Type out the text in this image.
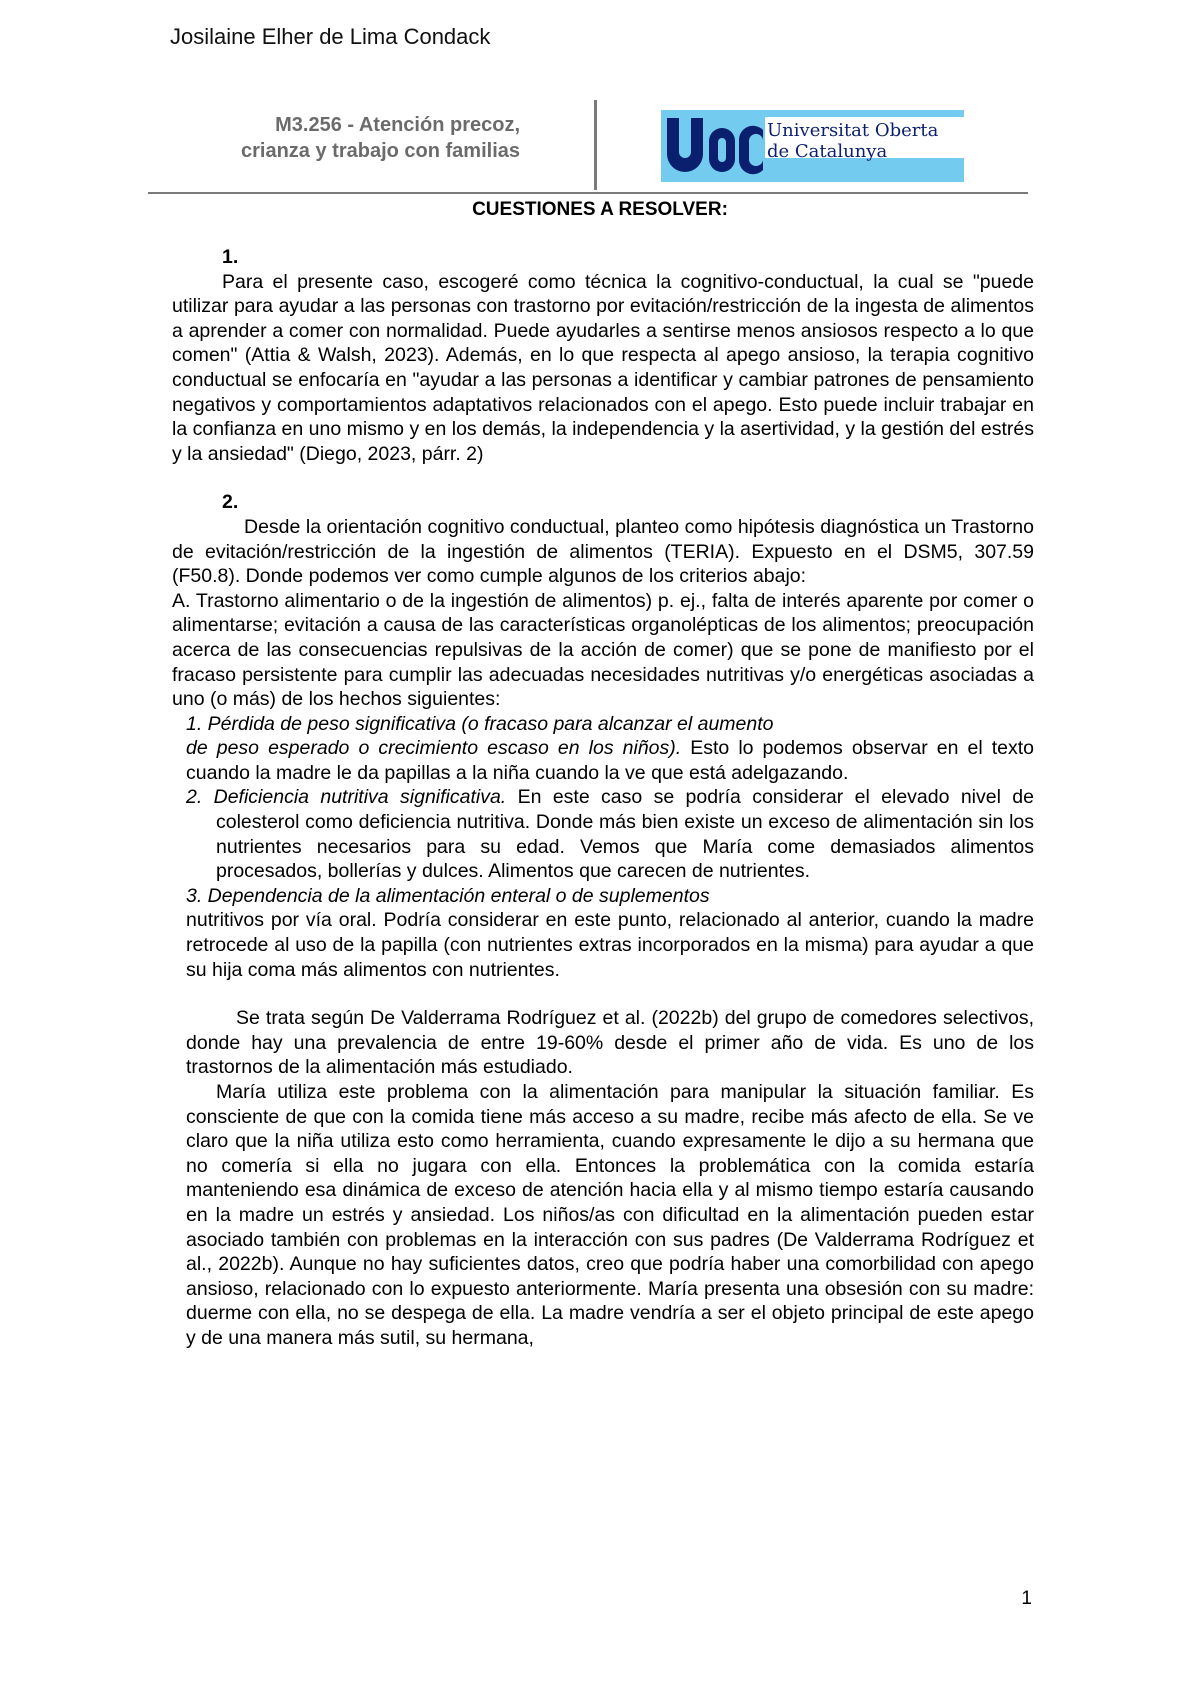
Josilaine Elher de Lima Condack
M3.256 - Atención precoz,
crianza y trabajo con familias
Universitat Oberta
de Catalunya
CUESTIONES A RESOLVER:

1.

Para el presente caso, escogeré como técnica la cognitivo-conductual, la cual se "puede utilizar para ayudar a las personas con trastorno por evitación/restricción de la ingesta de alimentos a aprender a comer con normalidad. Puede ayudarles a sentirse menos ansiosos respecto a lo que comen" (Attia & Walsh, 2023). Además, en lo que respecta al apego ansioso, la terapia cognitivo conductual se enfocaría en "ayudar a las personas a identificar y cambiar patrones de pensamiento negativos y comportamientos adaptativos relacionados con el apego. Esto puede incluir trabajar en la confianza en uno mismo y en los demás, la independencia y la asertividad, y la gestión del estrés y la ansiedad" (Diego, 2023, párr. 2)

2.

Desde la orientación cognitivo conductual, planteo como hipótesis diagnóstica un Trastorno de evitación/restricción de la ingestión de alimentos (TERIA). Expuesto en el DSM5, 307.59 (F50.8). Donde podemos ver como cumple algunos de los criterios abajo:

A. Trastorno alimentario o de la ingestión de alimentos) p. ej., falta de interés aparente por comer o alimentarse; evitación a causa de las características organolépticas de los alimentos; preocupación acerca de las consecuencias repulsivas de la acción de comer) que se pone de manifiesto por el fracaso persistente para cumplir las adecuadas necesidades nutritivas y/o energéticas asociadas a uno (o más) de los hechos siguientes:

1. Pérdida de peso significativa (o fracaso para alcanzar el aumento

de peso esperado o crecimiento escaso en los niños). Esto lo podemos observar en el texto cuando la madre le da papillas a la niña cuando la ve que está adelgazando.

2. Deficiencia nutritiva significativa. En este caso se podría considerar el elevado nivel de colesterol como deficiencia nutritiva. Donde más bien existe un exceso de alimentación sin los nutrientes necesarios para su edad. Vemos que María come demasiados alimentos procesados, bollerías y dulces. Alimentos que carecen de nutrientes.

3. Dependencia de la alimentación enteral o de suplementos

nutritivos por vía oral. Podría considerar en este punto, relacionado al anterior, cuando la madre retrocede al uso de la papilla (con nutrientes extras incorporados en la misma) para ayudar a que su hija coma más alimentos con nutrientes.

Se trata según De Valderrama Rodríguez et al. (2022b) del grupo de comedores selectivos, donde hay una prevalencia de entre 19-60% desde el primer año de vida. Es uno de los trastornos de la alimentación más estudiado.

María utiliza este problema con la alimentación para manipular la situación familiar. Es consciente de que con la comida tiene más acceso a su madre, recibe más afecto de ella. Se ve claro que la niña utiliza esto como herramienta, cuando expresamente le dijo a su hermana que no comería si ella no jugara con ella. Entonces la problemática con la comida estaría manteniendo esa dinámica de exceso de atención hacia ella y al mismo tiempo estaría causando en la madre un estrés y ansiedad. Los niños/as con dificultad en la alimentación pueden estar asociado también con problemas en la interacción con sus padres (De Valderrama Rodríguez et al., 2022b). Aunque no hay suficientes datos, creo que podría haber una comorbilidad con apego ansioso, relacionado con lo expuesto anteriormente. María presenta una obsesión con su madre: duerme con ella, no se despega de ella. La madre vendría a ser el objeto principal de este apego y de una manera más sutil, su hermana,

1
